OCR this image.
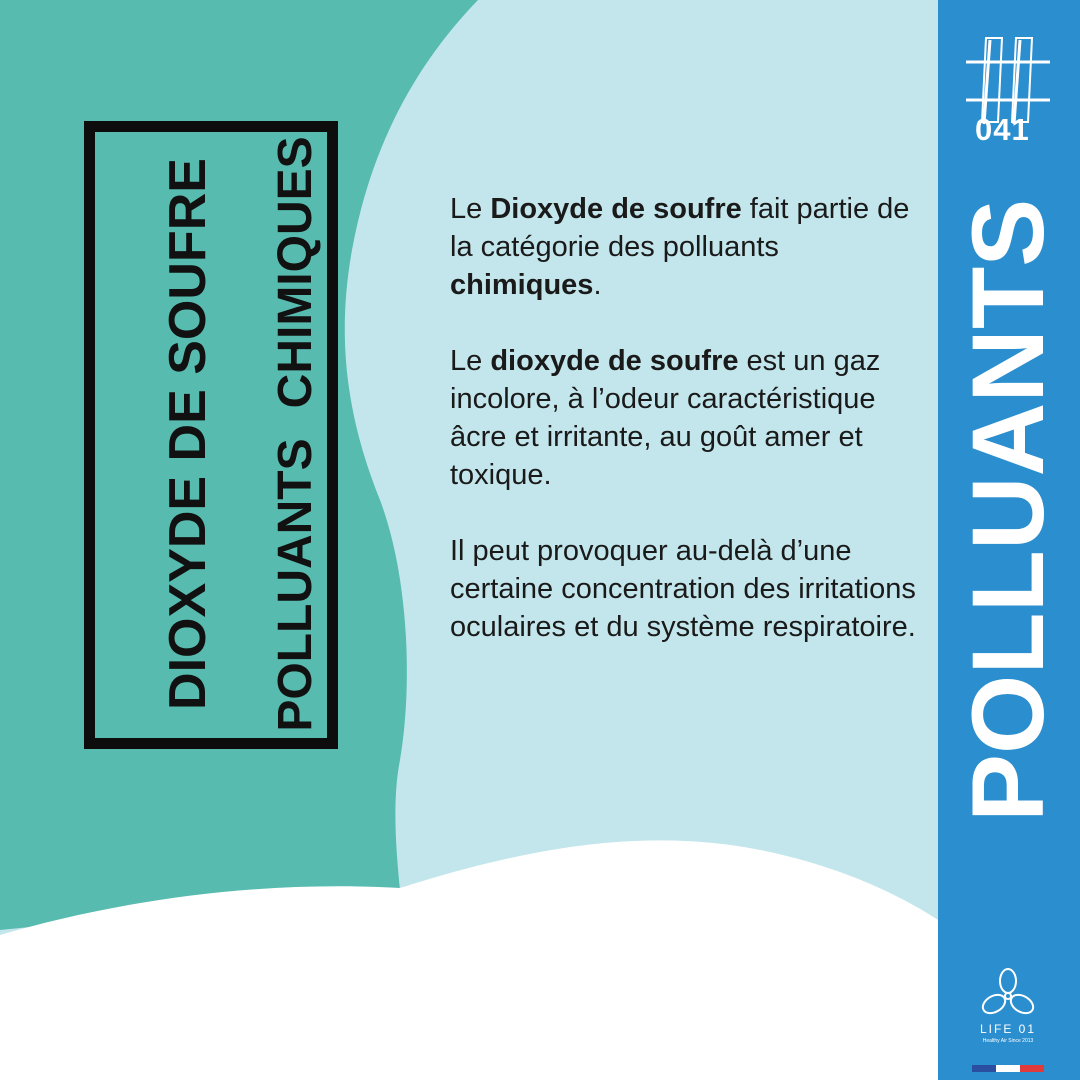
041
POLLUANTS
DIOXYDE DE SOUFRE POLLUANTSCHIMIQUES	Le Dioxyde de soufre fait partie de la catégorie des polluants chimiques.

Le dioxyde de soufre est un gaz incolore, à l’odeur caractéristique âcre et irritante, au goût amer et toxique.

Il peut provoquer au-delà d’une certaine concentration des irritations oculaires et du système respiratoire.

LIFE 01
Healthy Air Since 2013
